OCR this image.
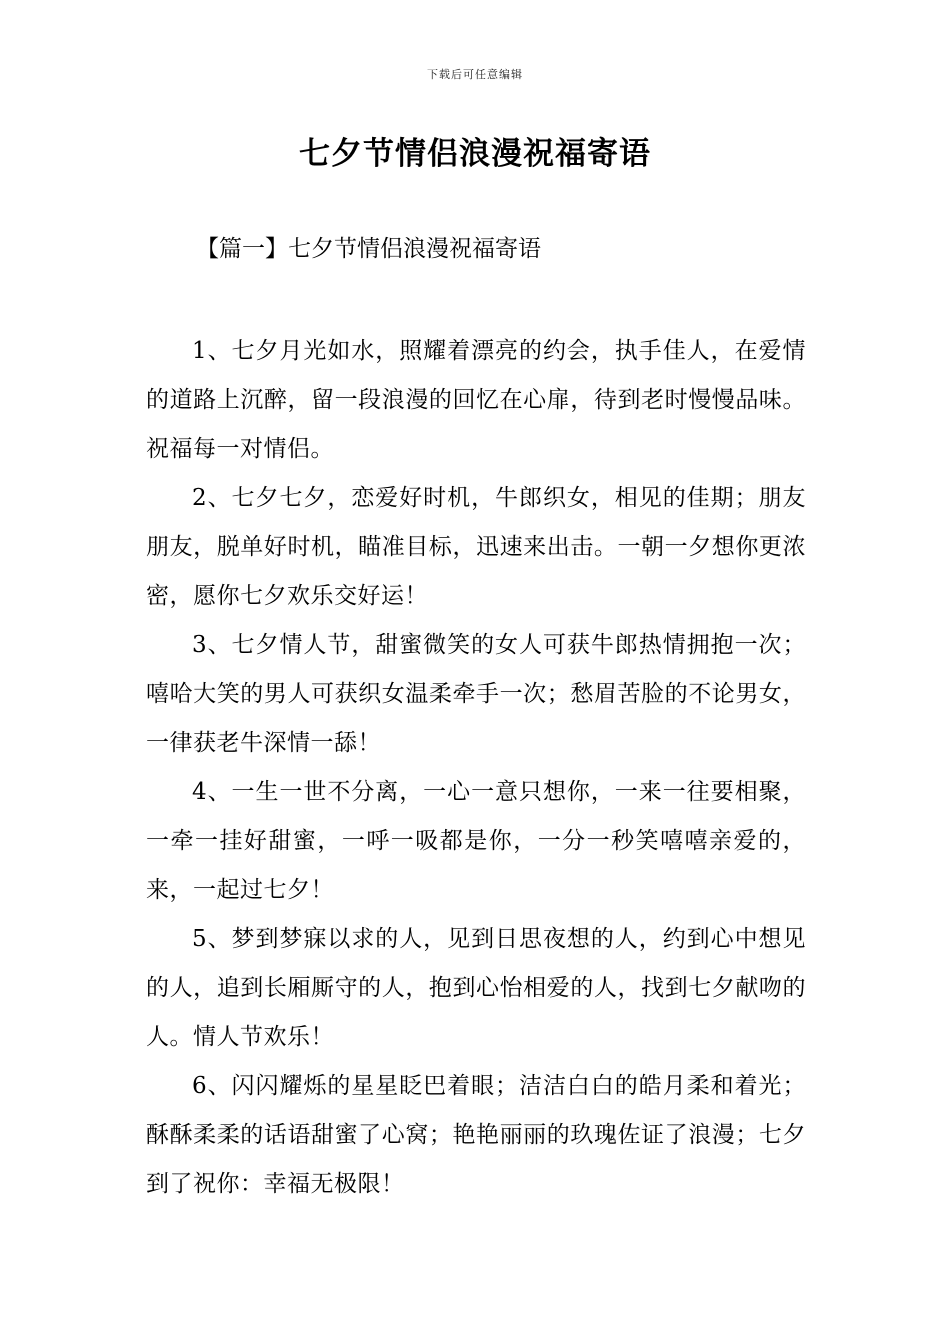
下载后可任意编辑
七夕节情侣浪漫祝福寄语
【篇一】七夕节情侣浪漫祝福寄语

1、七夕月光如水，照耀着漂亮的约会，执手佳人，在爱情的道路上沉醉，留一段浪漫的回忆在心扉，待到老时慢慢品味。祝福每一对情侣。

2、七夕七夕，恋爱好时机，牛郎织女，相见的佳期；朋友朋友，脱单好时机，瞄准目标，迅速来出击。一朝一夕想你更浓密，愿你七夕欢乐交好运！

3、七夕情人节，甜蜜微笑的女人可获牛郎热情拥抱一次；嘻哈大笑的男人可获织女温柔牵手一次；愁眉苦脸的不论男女，一律获老牛深情一舔！

4、一生一世不分离，一心一意只想你，一来一往要相聚，一牵一挂好甜蜜，一呼一吸都是你，一分一秒笑嘻嘻亲爱的，来，一起过七夕！

5、梦到梦寐以求的人，见到日思夜想的人，约到心中想见的人，追到长厢厮守的人，抱到心怡相爱的人，找到七夕献吻的人。情人节欢乐！

6、闪闪耀烁的星星眨巴着眼；洁洁白白的皓月柔和着光；酥酥柔柔的话语甜蜜了心窝；艳艳丽丽的玖瑰佐证了浪漫；七夕到了祝你：幸福无极限！
